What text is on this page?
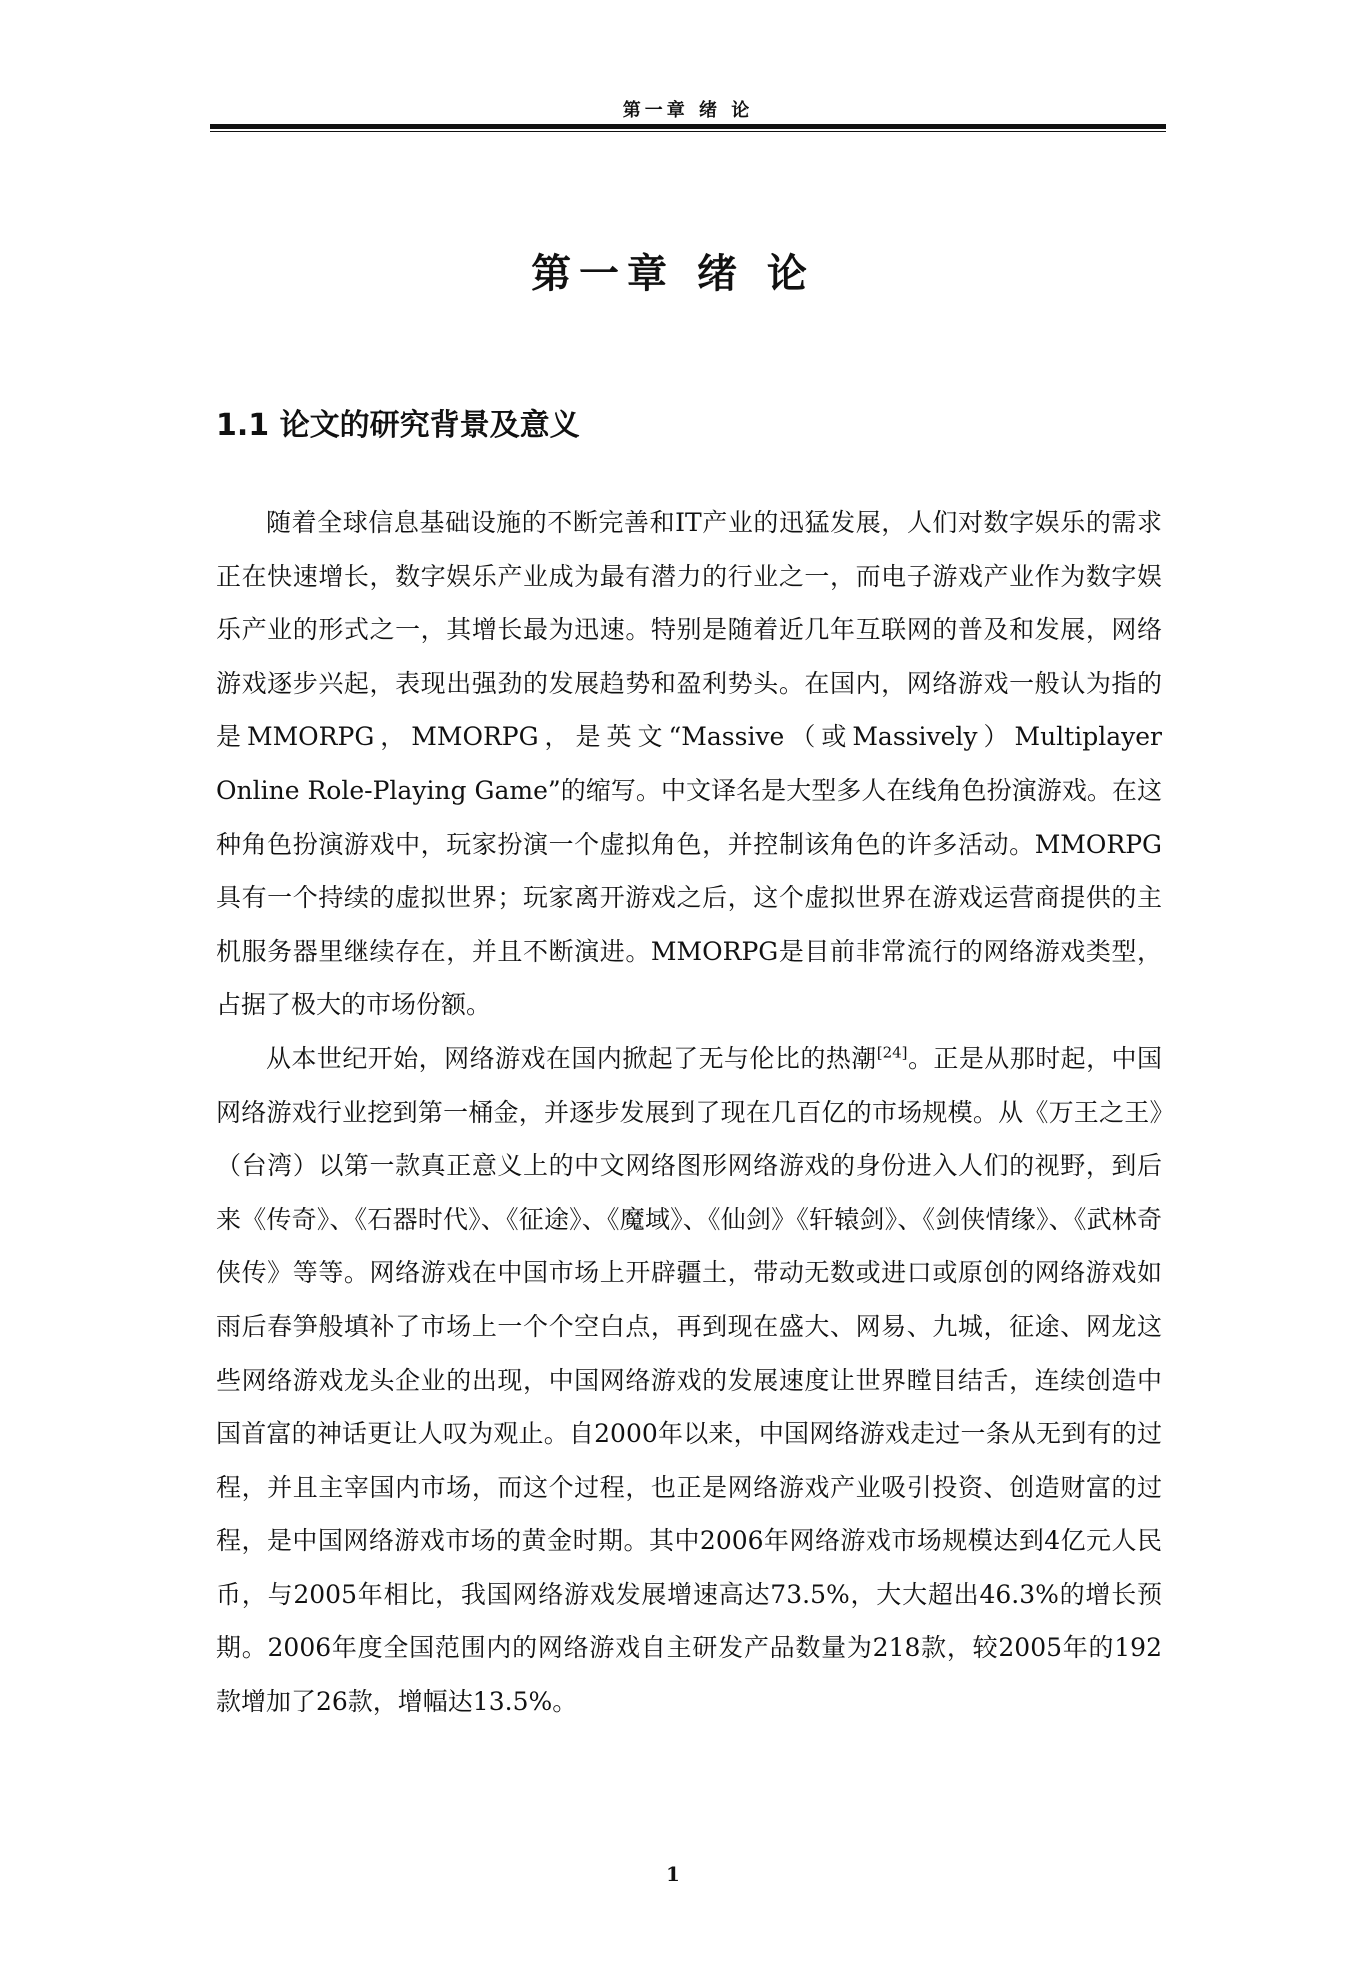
第一章 绪 论
第一章 绪 论
1.1 论文的研究背景及意义

随着全球信息基础设施的不断完善和IT产业的迅猛发展，人们对数字娱乐的需求正在快速增长，数字娱乐产业成为最有潜力的行业之一，而电子游戏产业作为数字娱乐产业的形式之一，其增长最为迅速。特别是随着近几年互联网的普及和发展，网络游戏逐步兴起，表现出强劲的发展趋势和盈利势头。在国内，网络游戏一般认为指的是MMORPG，MMORPG，是英文“Massive（或Massively）Multiplayer Online Role-Playing Game”的缩写。中文译名是大型多人在线角色扮演游戏。在这种角色扮演游戏中，玩家扮演一个虚拟角色，并控制该角色的许多活动。MMORPG具有一个持续的虚拟世界；玩家离开游戏之后，这个虚拟世界在游戏运营商提供的主机服务器里继续存在，并且不断演进。MMORPG是目前非常流行的网络游戏类型，占据了极大的市场份额。

从本世纪开始，网络游戏在国内掀起了无与伦比的热潮[24]。正是从那时起，中国网络游戏行业挖到第一桶金，并逐步发展到了现在几百亿的市场规模。从《万王之王》（台湾）以第一款真正意义上的中文网络图形网络游戏的身份进入人们的视野，到后来《传奇》、《石器时代》、《征途》、《魔域》、《仙剑》《轩辕剑》、《剑侠情缘》、《武林奇侠传》等等。网络游戏在中国市场上开辟疆土，带动无数或进口或原创的网络游戏如雨后春笋般填补了市场上一个个空白点，再到现在盛大、网易、九城，征途、网龙这些网络游戏龙头企业的出现，中国网络游戏的发展速度让世界瞠目结舌，连续创造中国首富的神话更让人叹为观止。自2000年以来，中国网络游戏走过一条从无到有的过程，并且主宰国内市场，而这个过程，也正是网络游戏产业吸引投资、创造财富的过程，是中国网络游戏市场的黄金时期。其中2006年网络游戏市场规模达到4亿元人民币，与2005年相比，我国网络游戏发展增速高达73.5%，大大超出46.3%的增长预期。2006年度全国范围内的网络游戏自主研发产品数量为218款，较2005年的192款增加了26款，增幅达13.5%。

1
